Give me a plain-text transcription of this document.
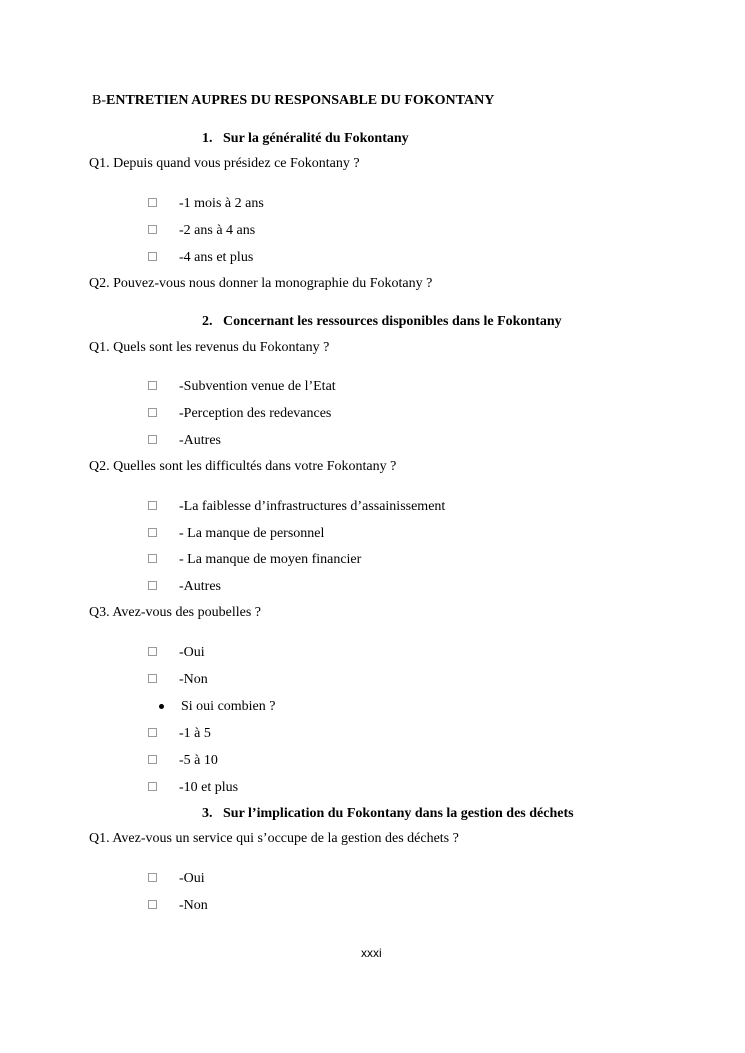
B-ENTRETIEN AUPRES DU RESPONSABLE DU FOKONTANY
1. Sur la généralité du Fokontany
Q1. Depuis quand vous présidez ce Fokontany ?
-1 mois à 2 ans
-2 ans à 4 ans
-4 ans et plus
Q2. Pouvez-vous nous donner la monographie du Fokotany ?
2. Concernant les ressources disponibles dans le Fokontany
Q1. Quels sont les revenus du Fokontany ?
-Subvention venue de l’Etat
-Perception des redevances
-Autres
Q2. Quelles sont les difficultés dans votre Fokontany ?
-La faiblesse d’infrastructures d’assainissement
- La manque de personnel
- La manque de moyen financier
-Autres
Q3. Avez-vous des poubelles ?
-Oui
-Non
Si oui combien ?
-1 à 5
-5 à 10
-10 et plus
3. Sur l’implication du Fokontany dans la gestion des déchets
Q1. Avez-vous un service qui s’occupe de la gestion des déchets ?
-Oui
-Non
xxxi
